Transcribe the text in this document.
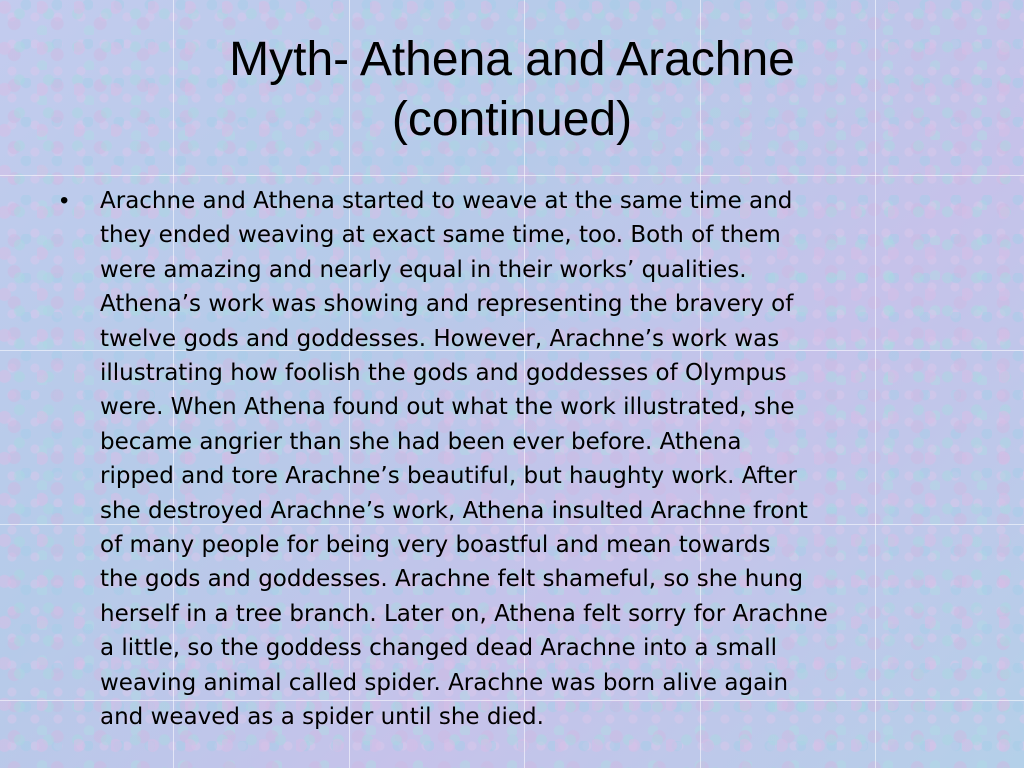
Myth- Athena and Arachne
(continued)
• Arachne and Athena started to weave at the same time and
they ended weaving at exact same time, too. Both of them
were amazing and nearly equal in their works’ qualities.
Athena’s work was showing and representing the bravery of
twelve gods and goddesses. However, Arachne’s work was
illustrating how foolish the gods and goddesses of Olympus
were. When Athena found out what the work illustrated, she
became angrier than she had been ever before. Athena
ripped and tore Arachne’s beautiful, but haughty work. After
she destroyed Arachne’s work, Athena insulted Arachne front
of many people for being very boastful and mean towards
the gods and goddesses. Arachne felt shameful, so she hung
herself in a tree branch. Later on, Athena felt sorry for Arachne
a little, so the goddess changed dead Arachne into a small
weaving animal called spider. Arachne was born alive again
and weaved as a spider until she died.
